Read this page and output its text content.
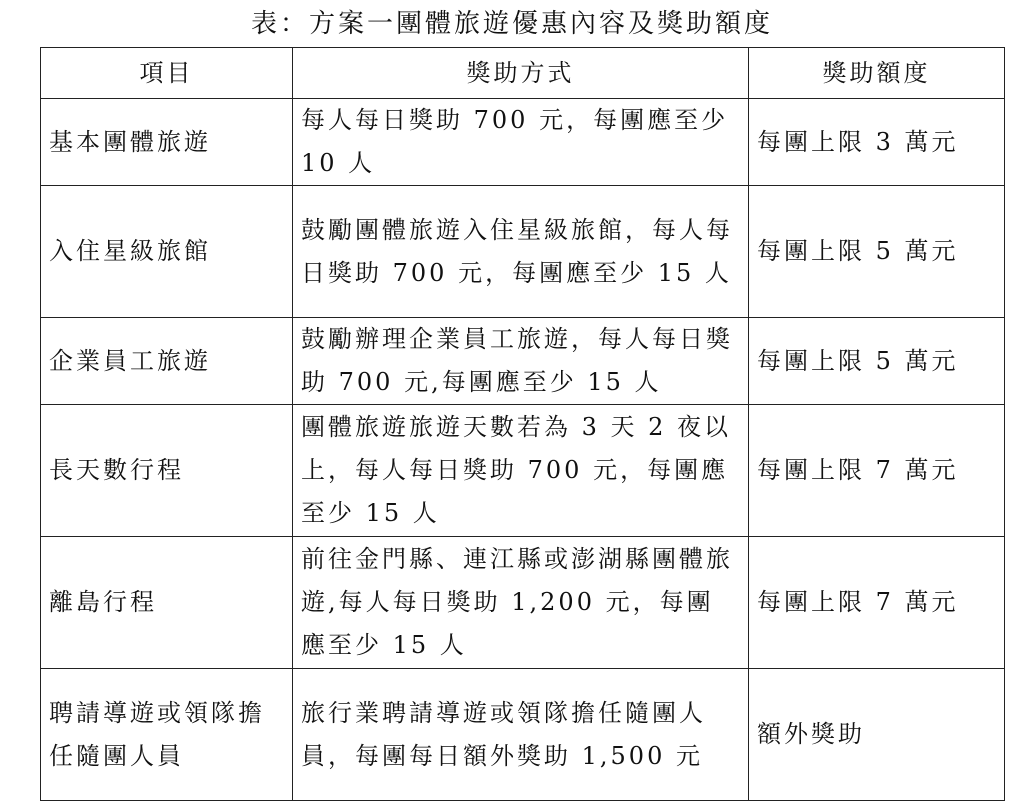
表：方案一團體旅遊優惠內容及獎助額度
項目	獎助方式	獎助額度
基本團體旅遊	每人每日獎助 700 元，每團應至少 10 人	每團上限 3 萬元
入住星級旅館	鼓勵團體旅遊入住星級旅館，每人每日獎助 700 元，每團應至少 15 人	每團上限 5 萬元
企業員工旅遊	鼓勵辦理企業員工旅遊，每人每日獎助 700 元,每團應至少 15 人	每團上限 5 萬元
長天數行程	團體旅遊旅遊天數若為 3 天 2 夜以上，每人每日獎助 700 元，每團應至少 15 人	每團上限 7 萬元
離島行程	前往金門縣、連江縣或澎湖縣團體旅遊,每人每日獎助 1,200 元，每團應至少 15 人	每團上限 7 萬元
聘請導遊或領隊擔任隨團人員	旅行業聘請導遊或領隊擔任隨團人員，每團每日額外獎助 1,500 元	額外獎助
